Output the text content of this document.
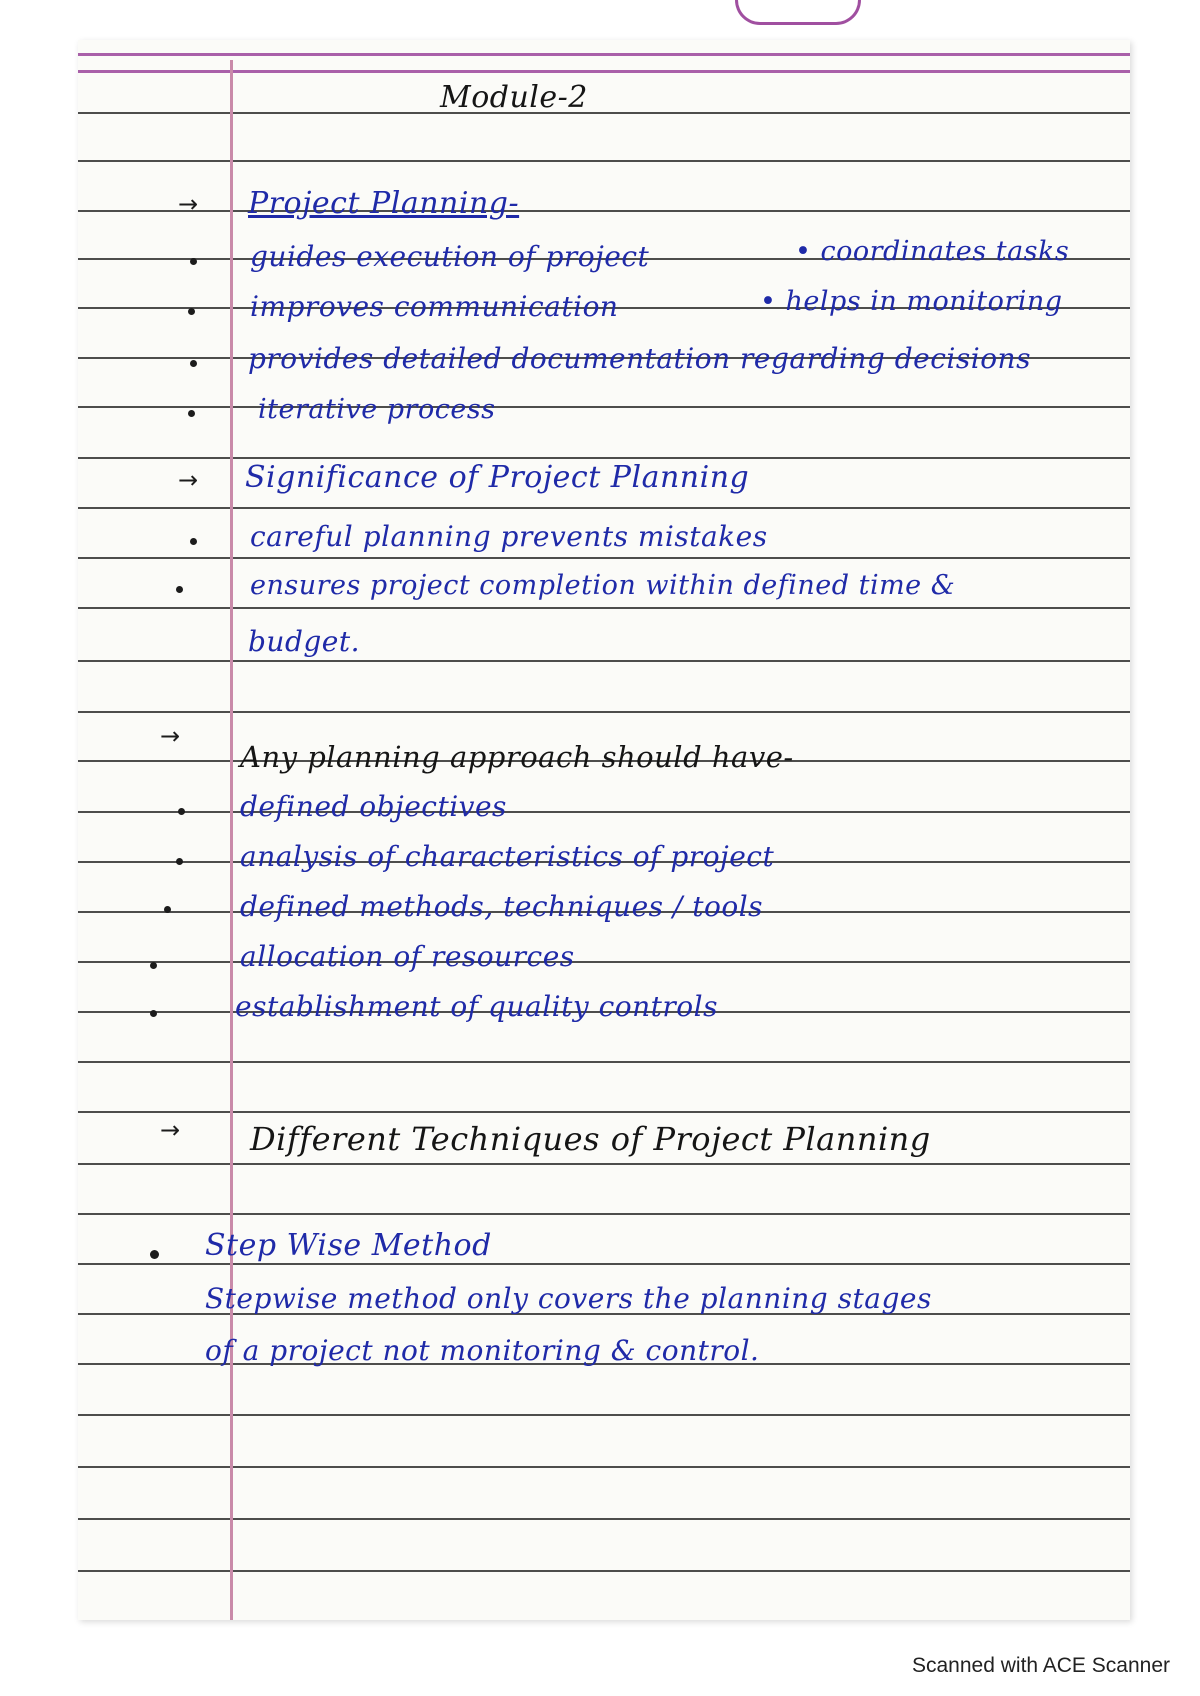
Module-2
→ Project Planning-
guides execution of project	• coordinates tasks
improves communication	• helps in monitoring
provides detailed documentation regarding decisions
iterative process
→ Significance of Project Planning
careful planning prevents mistakes
ensures project completion within defined time &
budget.
→
Any planning approach should have-
defined objectives
analysis of characteristics of project
defined methods, techniques / tools
allocation of resources
establishment of quality controls
→ Different Techniques of Project Planning
Step Wise Method
Stepwise method only covers the planning stages
of a project not monitoring & control.
Scanned with ACE Scanner
